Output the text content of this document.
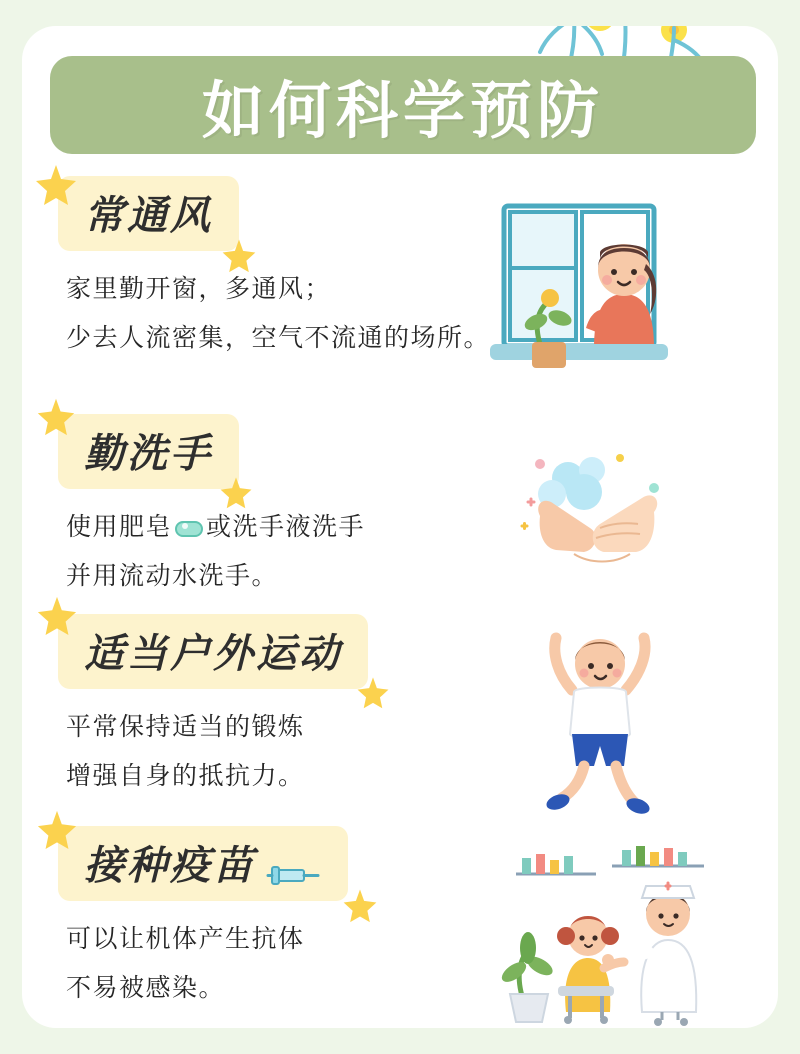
如何科学预防
常通风
家里勤开窗，多通风；
少去人流密集，空气不流通的场所。
勤洗手
使用肥皂 或洗手液洗手
并用流动水洗手。
适当户外运动
平常保持适当的锻炼
增强自身的抵抗力。
接种疫苗
可以让机体产生抗体
不易被感染。
